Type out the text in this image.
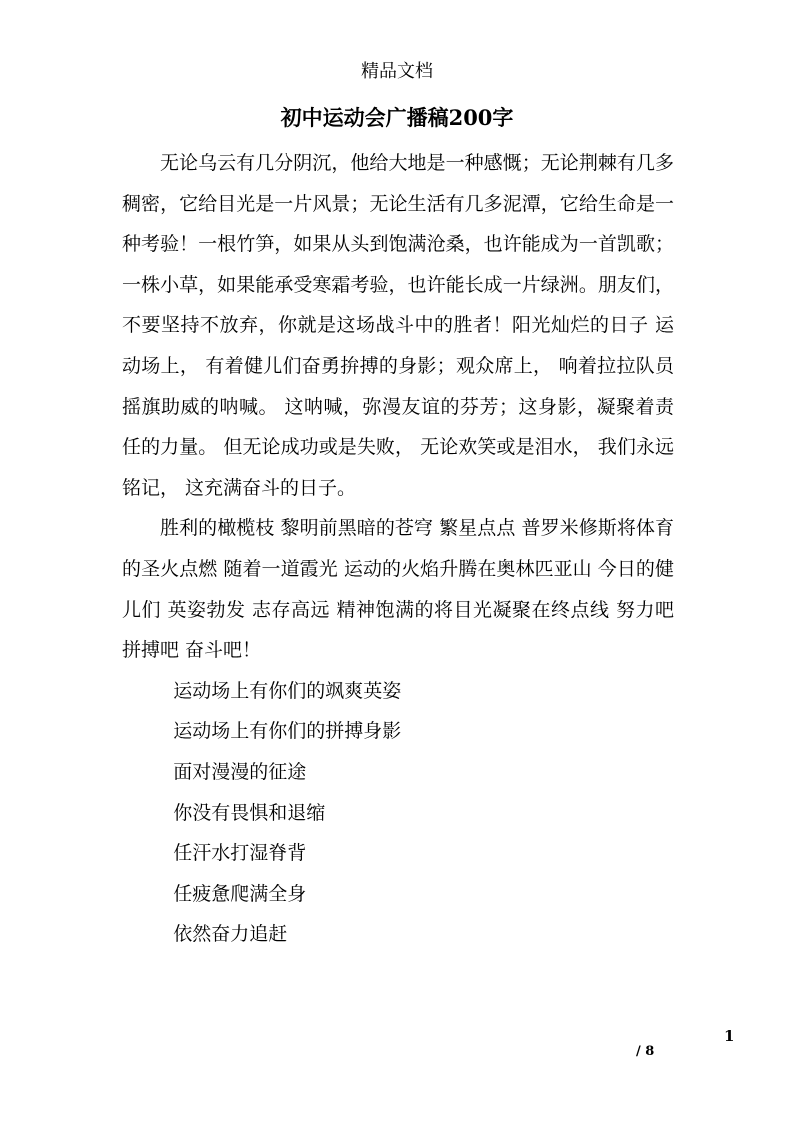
精品文档
初中运动会广播稿200字

无论乌云有几分阴沉，他给大地是一种感慨；无论荆棘有几多稠密，它给目光是一片风景；无论生活有几多泥潭，它给生命是一种考验！一根竹笋，如果从头到饱满沧桑，也许能成为一首凯歌；一株小草，如果能承受寒霜考验，也许能长成一片绿洲。朋友们，不要坚持不放弃，你就是这场战斗中的胜者！阳光灿烂的日子 运动场上， 有着健儿们奋勇拚搏的身影；观众席上， 响着拉拉队员摇旗助威的呐喊。 这呐喊，弥漫友谊的芬芳；这身影，凝聚着责任的力量。 但无论成功或是失败， 无论欢笑或是泪水， 我们永远铭记， 这充满奋斗的日子。

胜利的橄榄枝 黎明前黑暗的苍穹 繁星点点 普罗米修斯将体育的圣火点燃 随着一道霞光 运动的火焰升腾在奥林匹亚山 今日的健儿们 英姿勃发 志存高远 精神饱满的将目光凝聚在终点线 努力吧 拼搏吧 奋斗吧！

运动场上有你们的飒爽英姿

运动场上有你们的拼搏身影

面对漫漫的征途

你没有畏惧和退缩

任汗水打湿脊背

任疲惫爬满全身

依然奋力追赶

1
/ 8
